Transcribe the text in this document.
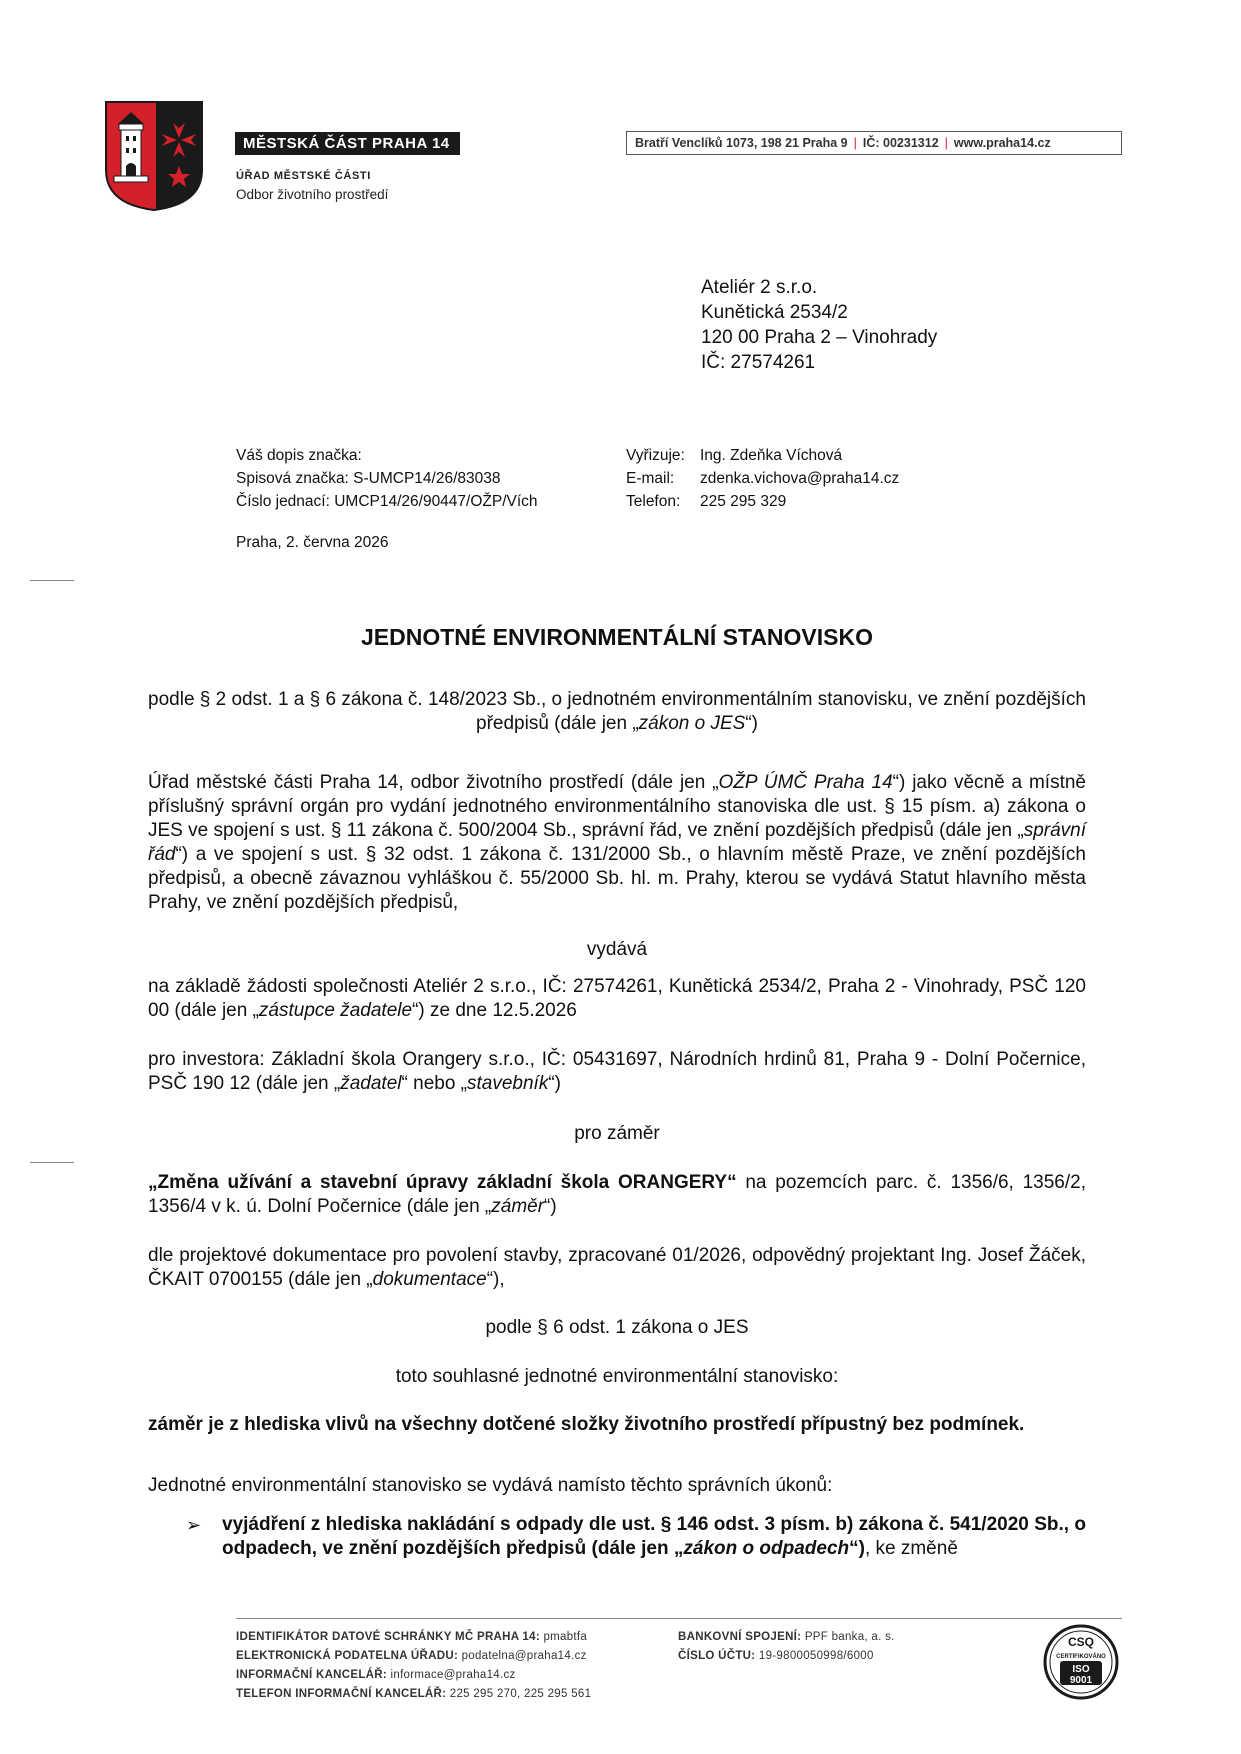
MĚSTSKÁ ČÁST PRAHA 14
ÚŘAD MĚSTSKÉ ČÁSTI
Odbor životního prostředí
Bratří Venclíků 1073, 198 21 Praha 9 | IČ: 00231312 | www.praha14.cz
Ateliér 2 s.r.o.
Kunětická 2534/2
120 00 Praha 2 – Vinohrady
IČ: 27574261
Váš dopis značka:
Spisová značka: S-UMCP14/26/83038
Číslo jednací: UMCP14/26/90447/OŽP/Vích
Vyřizuje: Ing. Zdeňka Víchová
E-mail: zdenka.vichova@praha14.cz
Telefon: 225 295 329
Praha, 2. června 2026
JEDNOTNÉ ENVIRONMENTÁLNÍ STANOVISKO
podle § 2 odst. 1 a § 6 zákona č. 148/2023 Sb., o jednotném environmentálním stanovisku, ve znění pozdějších předpisů (dále jen „zákon o JES“)
Úřad městské části Praha 14, odbor životního prostředí (dále jen „OŽP ÚMČ Praha 14“) jako věcně a místně příslušný správní orgán pro vydání jednotného environmentálního stanoviska dle ust. § 15 písm. a) zákona o JES ve spojení s ust. § 11 zákona č. 500/2004 Sb., správní řád, ve znění pozdějších předpisů (dále jen „správní řád“) a ve spojení s ust. § 32 odst. 1 zákona č. 131/2000 Sb., o hlavním městě Praze, ve znění pozdějších předpisů, a obecně závaznou vyhláškou č. 55/2000 Sb. hl. m. Prahy, kterou se vydává Statut hlavního města Prahy, ve znění pozdějších předpisů,
vydává
na základě žádosti společnosti Ateliér 2 s.r.o., IČ: 27574261, Kunětická 2534/2, Praha 2 - Vinohrady, PSČ 120 00 (dále jen „zástupce žadatele“) ze dne 12.5.2026
pro investora: Základní škola Orangery s.r.o., IČ: 05431697, Národních hrdinů 81, Praha 9 - Dolní Počernice, PSČ 190 12 (dále jen „žadatel“ nebo „stavebník“)
pro záměr
„Změna užívání a stavební úpravy základní škola ORANGERY“ na pozemcích parc. č. 1356/6, 1356/2, 1356/4 v k. ú. Dolní Počernice (dále jen „záměr“)
dle projektové dokumentace pro povolení stavby, zpracované 01/2026, odpovědný projektant Ing. Josef Žáček, ČKAIT 0700155 (dále jen „dokumentace“),
podle § 6 odst. 1 zákona o JES
toto souhlasné jednotné environmentální stanovisko:
záměr je z hlediska vlivů na všechny dotčené složky životního prostředí přípustný bez podmínek.
Jednotné environmentální stanovisko se vydává namísto těchto správních úkonů:
➢ vyjádření z hlediska nakládání s odpady dle ust. § 146 odst. 3 písm. b) zákona č. 541/2020 Sb., o odpadech, ve znění pozdějších předpisů (dále jen „zákon o odpadech“), ke změně
IDENTIFIKÁTOR DATOVÉ SCHRÁNKY MČ PRAHA 14: pmabtfa
ELEKTRONICKÁ PODATELNA ÚŘADU: podatelna@praha14.cz
INFORMAČNÍ KANCELÁŘ: informace@praha14.cz
TELEFON INFORMAČNÍ KANCELÁŘ: 225 295 270, 225 295 561
BANKOVNÍ SPOJENÍ: PPF banka, a. s.
ČÍSLO ÚČTU: 19-9800050998/6000
CSQ
CERTIFIKOVÁNO
ISO
9001
